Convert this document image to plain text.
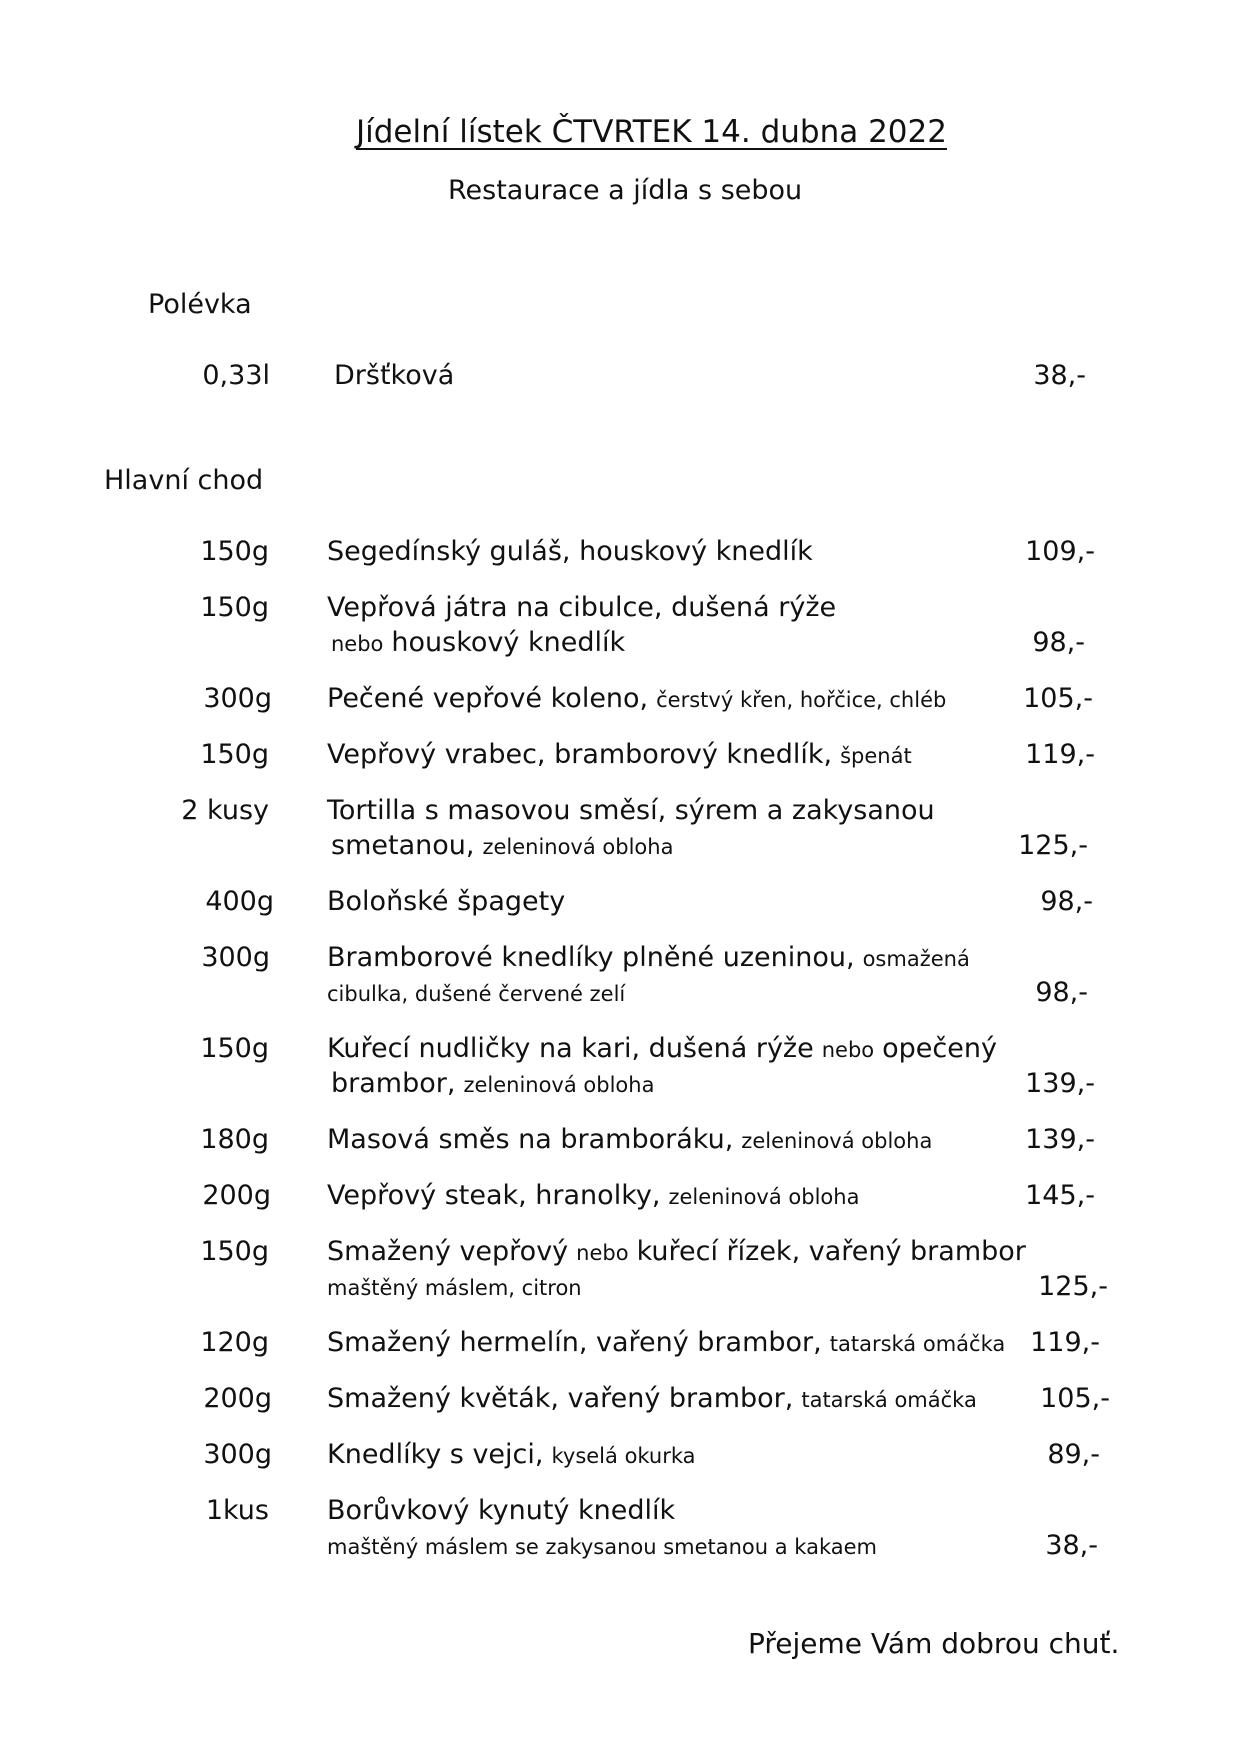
Jídelní lístek ČTVRTEK 14. dubna 2022
Restaurace a jídla s sebou
Polévka
0,33l Dršťková	38,-
Hlavní chod
150g Segedínský guláš, houskový knedlík	109,-
150g Vepřová játra na cibulce, dušená rýže
nebo houskový knedlík	98,-
300g Pečené vepřové koleno, čerstvý křen, hořčice, chléb	105,-
150g Vepřový vrabec, bramborový knedlík, špenát	119,-
2 kusy Tortilla s masovou směsí, sýrem a zakysanou
smetanou, zeleninová obloha	125,-
400g Boloňské špagety	98,-
300g Bramborové knedlíky plněné uzeninou, osmažená
cibulka, dušené červené zelí	98,-
150g Kuřecí nudličky na kari, dušená rýže nebo opečený
brambor, zeleninová obloha	139,-
180g Masová směs na bramboráku, zeleninová obloha	139,-
200g Vepřový steak, hranolky, zeleninová obloha	145,-
150g Smažený vepřový nebo kuřecí řízek, vařený brambor
maštěný máslem, citron	125,-
120g Smažený hermelín, vařený brambor, tatarská omáčka 119,-
200g Smažený květák, vařený brambor, tatarská omáčka	105,-
300g Knedlíky s vejci, kyselá okurka	89,-
1kus Borůvkový kynutý knedlík
maštěný máslem se zakysanou smetanou a kakaem	38,-
Přejeme Vám dobrou chuť.
